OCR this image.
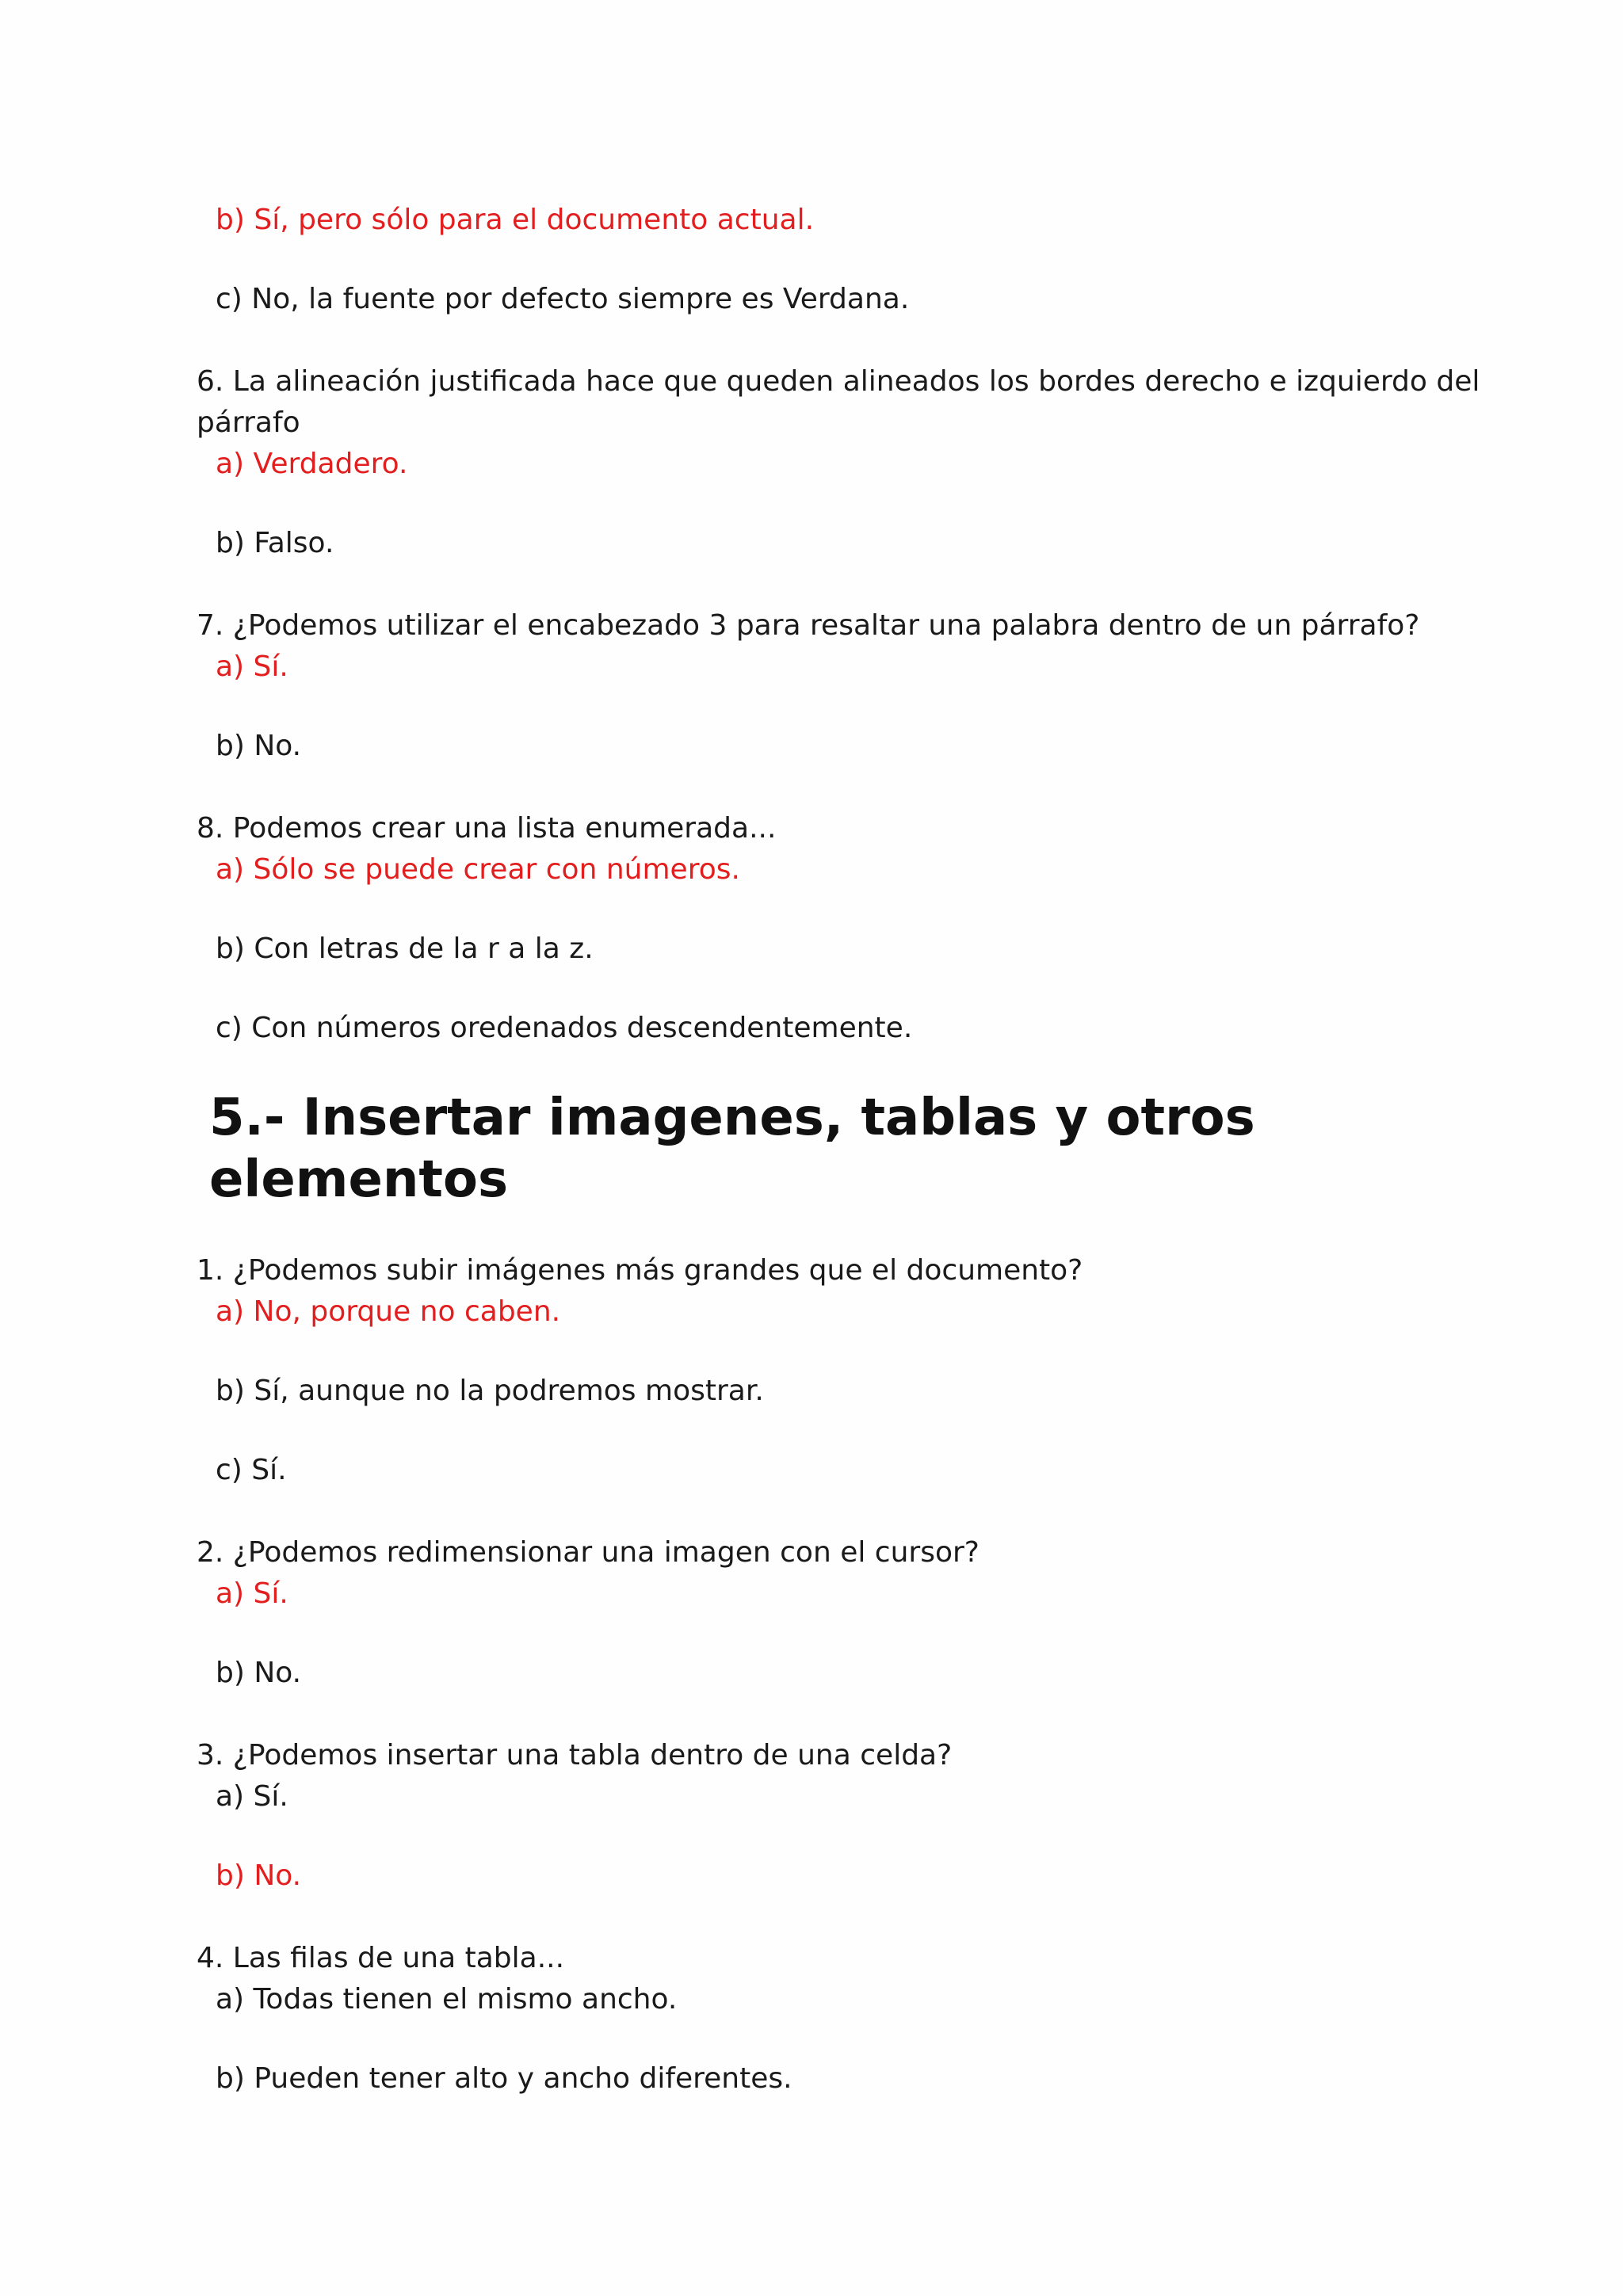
b) Sí, pero sólo para el documento actual.

c) No, la fuente por defecto siempre es Verdana.

6. La alineación justificada hace que queden alineados los bordes derecho e izquierdo del

párrafo

a) Verdadero.

b) Falso.

7. ¿Podemos utilizar el encabezado 3 para resaltar una palabra dentro de un párrafo?

a) Sí.

b) No.

8. Podemos crear una lista enumerada...

a) Sólo se puede crear con números.

b) Con letras de la r a la z.

c) Con números oredenados descendentemente.

5.- Insertar imagenes, tablas y otros
elementos

1. ¿Podemos subir imágenes más grandes que el documento?

a) No, porque no caben.

b) Sí, aunque no la podremos mostrar.

c) Sí.

2. ¿Podemos redimensionar una imagen con el cursor?

a) Sí.

b) No.

3. ¿Podemos insertar una tabla dentro de una celda?

a) Sí.

b) No.

4. Las filas de una tabla...

a) Todas tienen el mismo ancho.

b) Pueden tener alto y ancho diferentes.
